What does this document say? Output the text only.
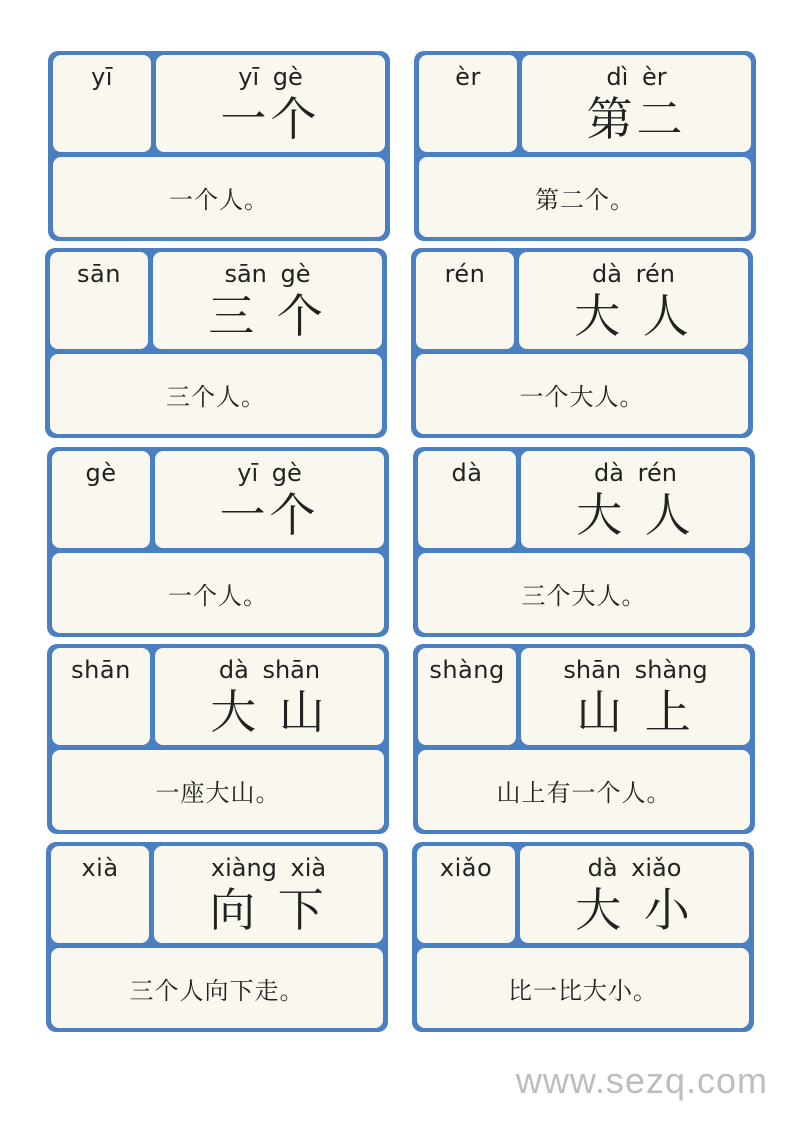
yī	yī gè
一个
一个人。
èr	dì èr
第二
第二个。
sān	sān gè
三 个
三个人。
rén	dà rén
大 人
一个大人。
gè	yī gè
一个
一个人。
dà	dà rén
大 人
三个大人。
shān	dà shān
大 山
一座大山。
shàng	shān shàng
山 上
山上有一个人。
xià	xiàng xià
向 下
三个人向下走。
xiǎo	dà xiǎo
大 小
比一比大小。
www.sezq.com
